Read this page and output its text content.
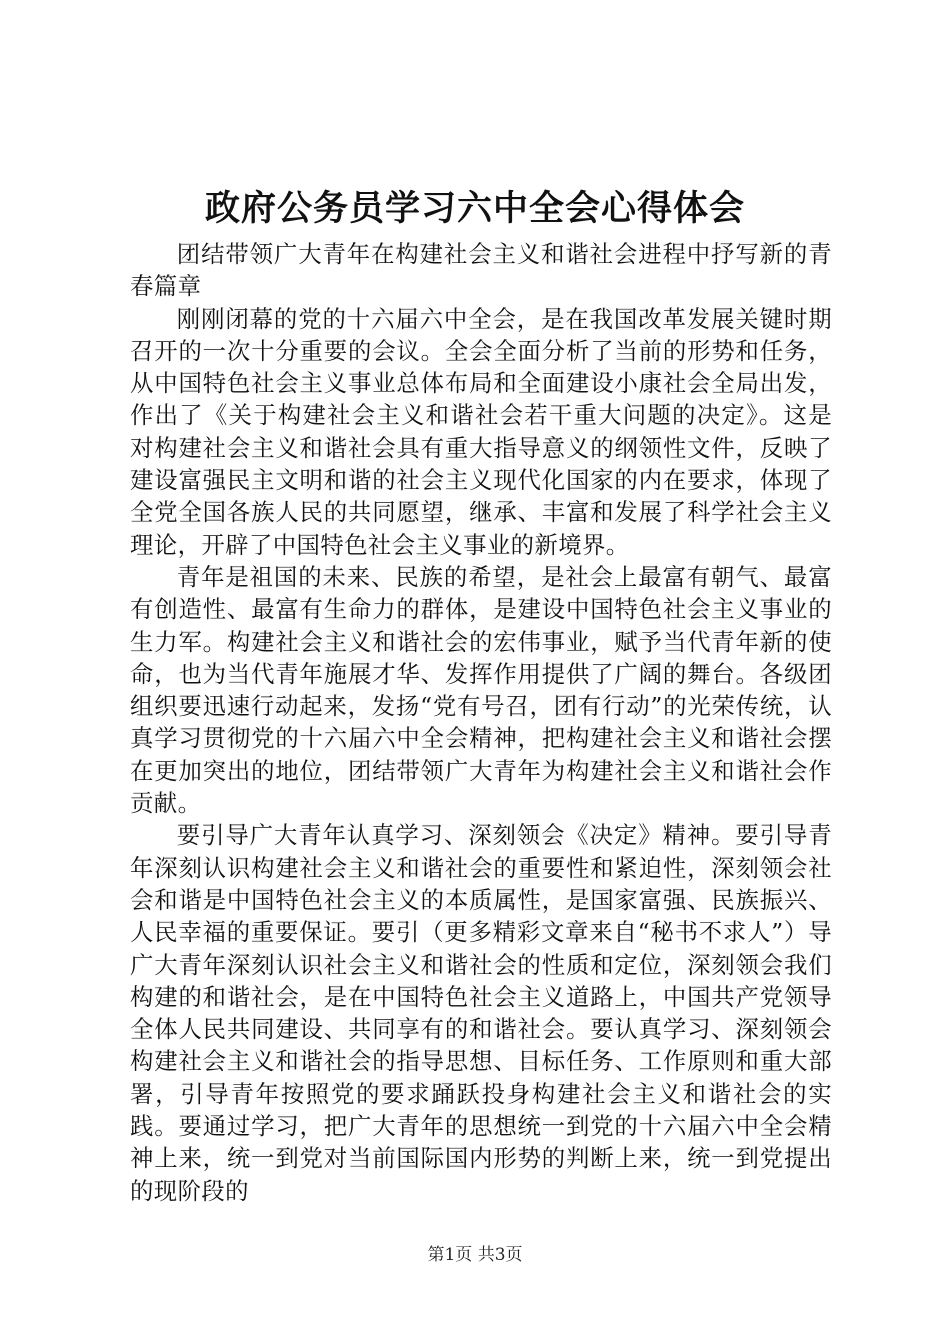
政府公务员学习六中全会心得体会

团结带领广大青年在构建社会主义和谐社会进程中抒写新的青春篇章

刚刚闭幕的党的十六届六中全会，是在我国改革发展关键时期召开的一次十分重要的会议。全会全面分析了当前的形势和任务，从中国特色社会主义事业总体布局和全面建设小康社会全局出发，作出了《关于构建社会主义和谐社会若干重大问题的决定》。这是对构建社会主义和谐社会具有重大指导意义的纲领性文件，反映了建设富强民主文明和谐的社会主义现代化国家的内在要求，体现了全党全国各族人民的共同愿望，继承、丰富和发展了科学社会主义理论，开辟了中国特色社会主义事业的新境界。

青年是祖国的未来、民族的希望，是社会上最富有朝气、最富有创造性、最富有生命力的群体，是建设中国特色社会主义事业的生力军。构建社会主义和谐社会的宏伟事业，赋予当代青年新的使命，也为当代青年施展才华、发挥作用提供了广阔的舞台。各级团组织要迅速行动起来，发扬“党有号召，团有行动”的光荣传统，认真学习贯彻党的十六届六中全会精神，把构建社会主义和谐社会摆在更加突出的地位，团结带领广大青年为构建社会主义和谐社会作贡献。

要引导广大青年认真学习、深刻领会《决定》精神。要引导青年深刻认识构建社会主义和谐社会的重要性和紧迫性，深刻领会社会和谐是中国特色社会主义的本质属性，是国家富强、民族振兴、人民幸福的重要保证。要引（更多精彩文章来自“秘书不求人”）导广大青年深刻认识社会主义和谐社会的性质和定位，深刻领会我们构建的和谐社会，是在中国特色社会主义道路上，中国共产党领导全体人民共同建设、共同享有的和谐社会。要认真学习、深刻领会构建社会主义和谐社会的指导思想、目标任务、工作原则和重大部署，引导青年按照党的要求踊跃投身构建社会主义和谐社会的实践。要通过学习，把广大青年的思想统一到党的十六届六中全会精神上来，统一到党对当前国际国内形势的判断上来，统一到党提出的现阶段的

第1页 共3页
